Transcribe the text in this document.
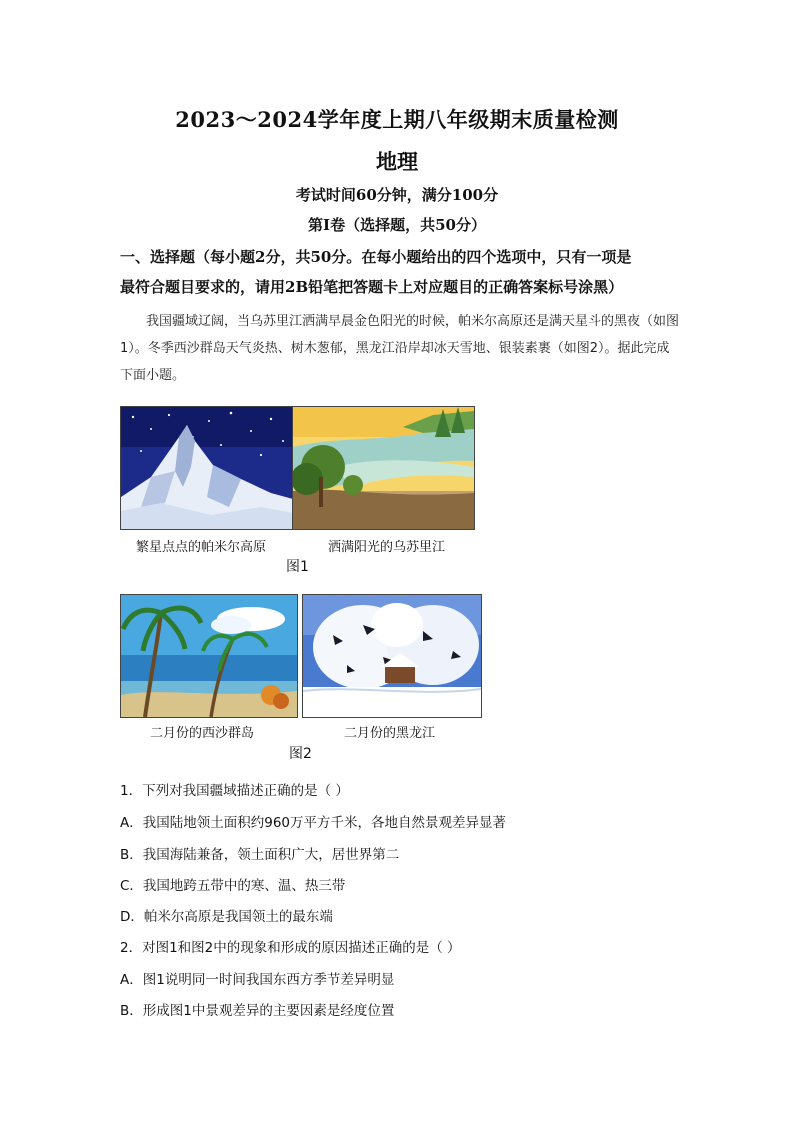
2023～2024学年度上期八年级期末质量检测
地理
考试时间60分钟，满分100分
第Ⅰ卷（选择题，共50分）
一、选择题（每小题2分，共50分。在每小题给出的四个选项中，只有一项是
最符合题目要求的，请用2B铅笔把答题卡上对应题目的正确答案标号涂黑）
我国疆域辽阔，当乌苏里江洒满早晨金色阳光的时候，帕米尔高原还是满天星斗的黑夜（如图1）。冬季西沙群岛天气炎热、树木葱郁，黑龙江沿岸却冰天雪地、银装素裹（如图2）。据此完成下面小题。
繁星点点的帕米尔高原	洒满阳光的乌苏里江
图1
二月份的西沙群岛	二月份的黑龙江
图2
1．下列对我国疆域描述正确的是（ ）
A．我国陆地领土面积约960万平方千米，各地自然景观差异显著
B．我国海陆兼备，领土面积广大，居世界第二
C．我国地跨五带中的寒、温、热三带
D．帕米尔高原是我国领土的最东端
2．对图1和图2中的现象和形成的原因描述正确的是（ ）
A．图1说明同一时间我国东西方季节差异明显
B．形成图1中景观差异的主要因素是经度位置
